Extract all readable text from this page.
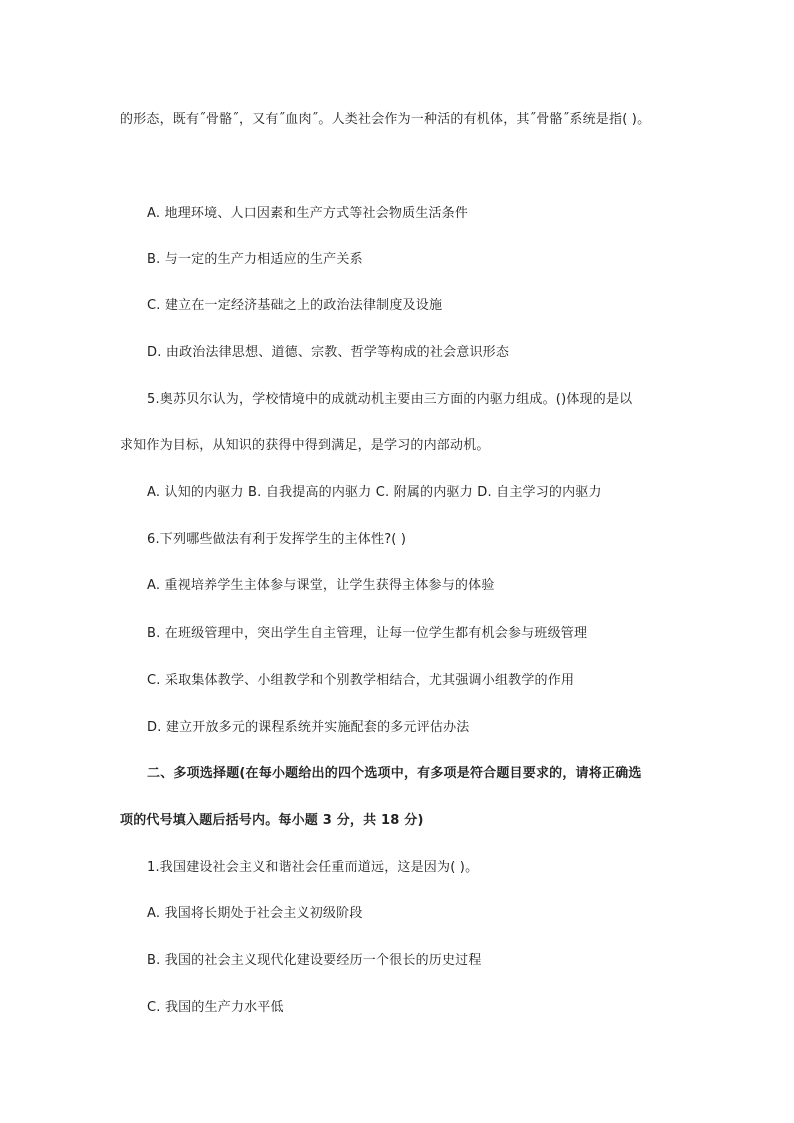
的形态，既有˝骨骼˝，又有˝血肉˝。人类社会作为一种活的有机体，其˝骨骼˝系统是指( )。
A. 地理环境、人口因素和生产方式等社会物质生活条件
B. 与一定的生产力相适应的生产关系
C. 建立在一定经济基础之上的政治法律制度及设施
D. 由政治法律思想、道德、宗教、哲学等构成的社会意识形态
5.奥苏贝尔认为，学校情境中的成就动机主要由三方面的内驱力组成。()体现的是以
求知作为目标，从知识的获得中得到满足，是学习的内部动机。
A. 认知的内驱力 B. 自我提高的内驱力 C. 附属的内驱力 D. 自主学习的内驱力
6.下列哪些做法有利于发挥学生的主体性?( )
A. 重视培养学生主体参与课堂，让学生获得主体参与的体验
B. 在班级管理中，突出学生自主管理，让每一位学生都有机会参与班级管理
C. 采取集体教学、小组教学和个别教学相结合，尤其强调小组教学的作用
D. 建立开放多元的课程系统并实施配套的多元评估办法
二、多项选择题(在每小题给出的四个选项中，有多项是符合题目要求的，请将正确选
项的代号填入题后括号内。每小题 3 分，共 18 分)
1.我国建设社会主义和谐社会任重而道远，这是因为( )。
A. 我国将长期处于社会主义初级阶段
B. 我国的社会主义现代化建设要经历一个很长的历史过程
C. 我国的生产力水平低
